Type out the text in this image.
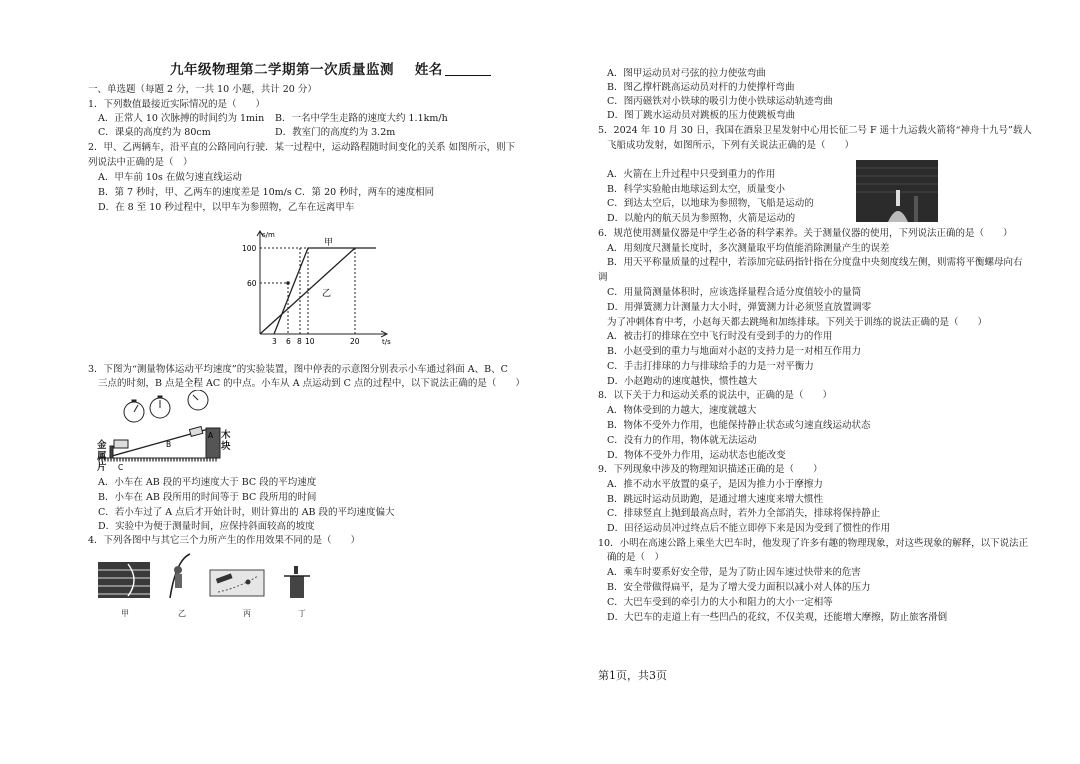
九年级物理第二学期第一次质量监测 姓名
一、单选题（每题 2 分，一共 10 小题，共计 20 分）
1．下列数值最接近实际情况的是（　　）
A．正常人 10 次脉搏的时间约为 1min B．一名中学生走路的速度大约 1.1km/h
C．课桌的高度约为 80cm	D．教室门的高度约为 3.2m
2．甲、乙两辆车，沿平直的公路同向行驶．某一过程中，运动路程随时间变化的关系 如图所示，则下
列说法中正确的是（　）
A．甲车前 10s 在做匀速直线运动
B．第 7 秒时，甲、乙两车的速度差是 10m/s C．第 20 秒时，两车的速度相同
D．在 8 至 10 秒过程中，以甲车为参照物，乙车在远离甲车
s/m
t/s
100
60
3 6 8 10	20
甲
乙
3．下图为“测量物体运动平均速度”的实验装置，图中停表的示意图分别表示小车通过斜面 A、B、C
三点的时刻，B 点是全程 AC 的中点。小车从 A 点运动到 C 点的过程中，以下说法正确的是（　　）
A
B
C
金属片
木块
A．小车在 AB 段的平均速度大于 BC 段的平均速度
B．小车在 AB 段所用的时间等于 BC 段所用的时间
C．若小车过了 A 点后才开始计时，则计算出的 AB 段的平均速度偏大
D．实验中为便于测量时间，应保持斜面较高的坡度
4．下列各图中与其它三个力所产生的作用效果不同的是（　　）
甲	乙	丙	丁
A．图甲运动员对弓弦的拉力使弦弯曲
B．图乙撑杆跳高运动员对杆的力使撑杆弯曲
C．图丙磁铁对小铁球的吸引力使小铁球运动轨迹弯曲
D．图丁跳水运动员对跳板的压力使跳板弯曲
5．2024 年 10 月 30 日，我国在酒泉卫星发射中心用长征二号 F 遥十九运载火箭将“神舟十九号”载人
飞船成功发射，如图所示，下列有关说法正确的是（　　）
A．火箭在上升过程中只受到重力的作用
B．科学实验舱由地球运到太空，质量变小
C．到达太空后，以地球为参照物，飞船是运动的
D．以舱内的航天员为参照物，火箭是运动的
6．规范使用测量仪器是中学生必备的科学素养。关于测量仪器的使用，下列说法正确的是（　　）
A．用刻度尺测量长度时，多次测量取平均值能消除测量产生的误差
B．用天平称量质量的过程中，若添加完砝码指针指在分度盘中央刻度线左侧，则需将平衡螺母向右
调
C．用量筒测量体积时，应该选择量程合适分度值较小的量筒
D．用弹簧测力计测量力大小时，弹簧测力计必须竖直放置调零
为了冲刺体育中考，小赵每天都去跳绳和加练排球。下列关于训练的说法正确的是（　　）
A．被击打的排球在空中飞行时没有受到手的力的作用
B．小赵受到的重力与地面对小赵的支持力是一对相互作用力
C．手击打排球的力与排球给手的力是一对平衡力
D．小赵跑动的速度越快，惯性越大
8．以下关于力和运动关系的说法中，正确的是（　　）
A．物体受到的力越大，速度就越大
B．物体不受外力作用，也能保持静止状态或匀速直线运动状态
C．没有力的作用，物体就无法运动
D．物体不受外力作用，运动状态也能改变
9．下列现象中涉及的物理知识描述正确的是（　　）
A．推不动水平放置的桌子，是因为推力小于摩擦力
B．跳远时运动员助跑，是通过增大速度来增大惯性
C．排球竖直上抛到最高点时，若外力全部消失，排球将保持静止
D．田径运动员冲过终点后不能立即停下来是因为受到了惯性的作用
10．小明在高速公路上乘坐大巴车时，他发现了许多有趣的物理现象，对这些现象的解释，以下说法正
确的是（　）
A．乘车时要系好安全带，是为了防止因车速过快带来的危害
B．安全带做得扁平，是为了增大受力面积以减小对人体的压力
C．大巴车受到的牵引力的大小和阻力的大小一定相等
D．大巴车的走道上有一些凹凸的花纹，不仅美观，还能增大摩擦，防止旅客滑倒
第1页，共3页
